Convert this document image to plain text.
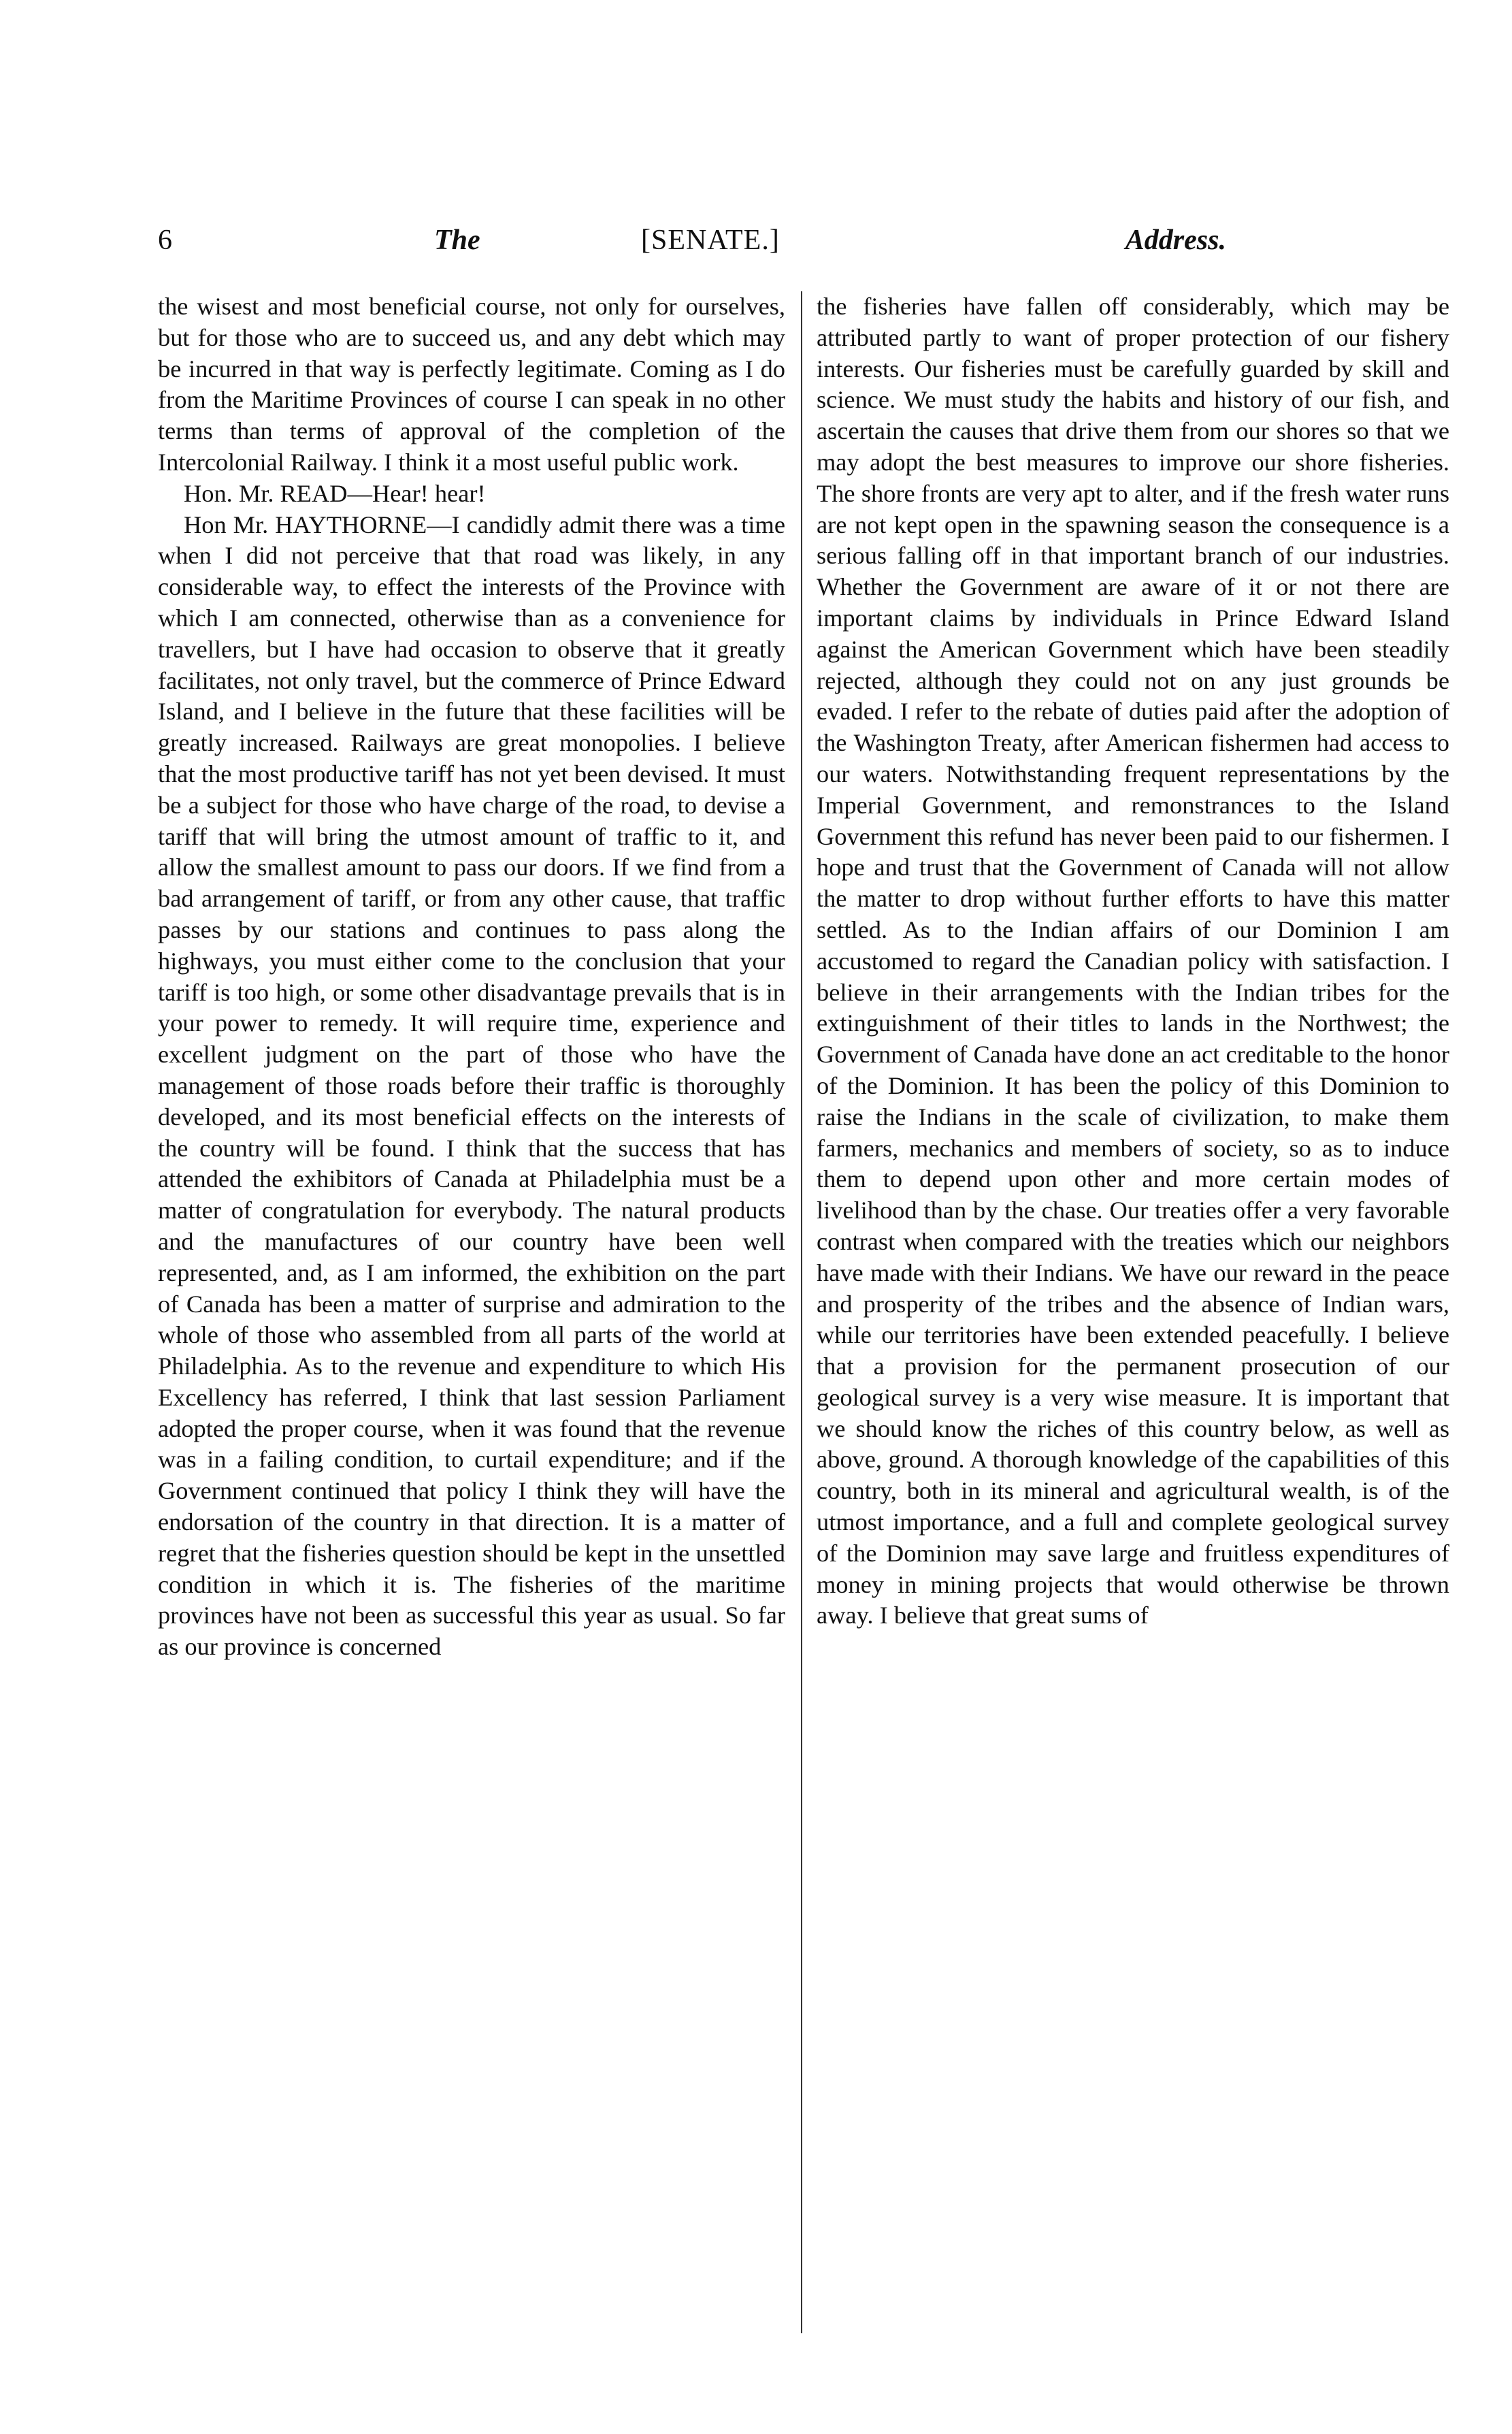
6	The	[SENATE.]	Address.

the wisest and most beneficial course, not only for ourselves, but for those who are to succeed us, and any debt which may be incurred in that way is perfectly legitimate. Coming as I do from the Maritime Provinces of course I can speak in no other terms than terms of approval of the completion of the Intercolonial Railway. I think it a most useful public work.

Hon. Mr. READ—Hear! hear!

Hon Mr. HAYTHORNE—I candidly admit there was a time when I did not perceive that that road was likely, in any considerable way, to effect the interests of the Province with which I am connected, otherwise than as a convenience for travellers, but I have had occasion to observe that it greatly facilitates, not only travel, but the commerce of Prince Edward Island, and I believe in the future that these facilities will be greatly increased. Railways are great monopolies. I believe that the most productive tariff has not yet been devised. It must be a subject for those who have charge of the road, to devise a tariff that will bring the utmost amount of traffic to it, and allow the smallest amount to pass our doors. If we find from a bad arrangement of tariff, or from any other cause, that traffic passes by our stations and continues to pass along the highways, you must either come to the conclusion that your tariff is too high, or some other disadvantage prevails that is in your power to remedy. It will require time, experience and excellent judgment on the part of those who have the management of those roads before their traffic is thoroughly developed, and its most beneficial effects on the interests of the country will be found. I think that the success that has attended the exhibitors of Canada at Philadelphia must be a matter of congratulation for everybody. The natural products and the manufactures of our country have been well represented, and, as I am informed, the exhibition on the part of Canada has been a matter of surprise and admiration to the whole of those who assembled from all parts of the world at Philadelphia. As to the revenue and expenditure to which His Excellency has referred, I think that last session Parliament adopted the proper course, when it was found that the revenue was in a failing condition, to curtail expenditure; and if the Government continued that policy I think they will have the endorsation of the country in that direction. It is a matter of regret that the fisheries question should be kept in the unsettled condition in which it is. The fisheries of the maritime provinces have not been as successful this year as usual. So far as our province is concerned

the fisheries have fallen off considerably, which may be attributed partly to want of proper protection of our fishery interests. Our fisheries must be carefully guarded by skill and science. We must study the habits and history of our fish, and ascertain the causes that drive them from our shores so that we may adopt the best measures to improve our shore fisheries. The shore fronts are very apt to alter, and if the fresh water runs are not kept open in the spawning season the consequence is a serious falling off in that important branch of our industries. Whether the Government are aware of it or not there are important claims by individuals in Prince Edward Island against the American Government which have been steadily rejected, although they could not on any just grounds be evaded. I refer to the rebate of duties paid after the adoption of the Washington Treaty, after American fishermen had access to our waters. Notwithstanding frequent representations by the Imperial Government, and remonstrances to the Island Government this refund has never been paid to our fishermen. I hope and trust that the Government of Canada will not allow the matter to drop without further efforts to have this matter settled. As to the Indian affairs of our Dominion I am accustomed to regard the Canadian policy with satisfaction. I believe in their arrangements with the Indian tribes for the extinguishment of their titles to lands in the Northwest; the Government of Canada have done an act creditable to the honor of the Dominion. It has been the policy of this Dominion to raise the Indians in the scale of civilization, to make them farmers, mechanics and members of society, so as to induce them to depend upon other and more certain modes of livelihood than by the chase. Our treaties offer a very favorable contrast when compared with the treaties which our neighbors have made with their Indians. We have our reward in the peace and prosperity of the tribes and the absence of Indian wars, while our territories have been extended peacefully. I believe that a provision for the permanent prosecution of our geological survey is a very wise measure. It is important that we should know the riches of this country below, as well as above, ground. A thorough knowledge of the capabilities of this country, both in its mineral and agricultural wealth, is of the utmost importance, and a full and complete geological survey of the Dominion may save large and fruitless expenditures of money in mining projects that would otherwise be thrown away. I believe that great sums of
